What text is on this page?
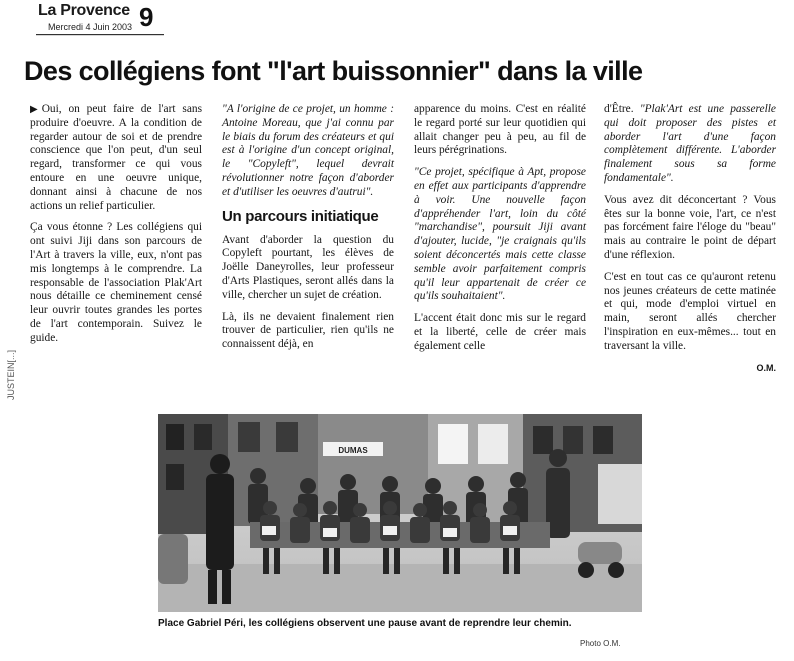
La Provence
Mercredi 4 Juin 2003 9
Des collégiens font "l'art buissonnier" dans la ville
JUSTEIN[...]

▶ Oui, on peut faire de l'art sans produire d'oeuvre. A la condition de regarder autour de soi et de prendre conscience que l'on peut, d'un seul regard, transformer ce qui vous entoure en une oeuvre unique, donnant ainsi à chacune de nos actions un relief particulier.

Ça vous étonne ? Les collégiens qui ont suivi Jiji dans son parcours de l'Art à travers la ville, eux, n'ont pas mis longtemps à le comprendre. La responsable de l'association Plak'Art nous détaille ce cheminement censé leur ouvrir toutes grandes les portes de l'art contemporain. Suivez le guide.

"A l'origine de ce projet, un homme : Antoine Moreau, que j'ai connu par le biais du forum des créateurs et qui est à l'origine d'un concept original, le "Copyleft", lequel devrait révolutionner notre façon d'aborder et d'utiliser les oeuvres d'autrui".

Un parcours initiatique

Avant d'aborder la question du Copyleft pourtant, les élèves de Joëlle Daneyrolles, leur professeur d'Arts Plastiques, seront allés dans la ville, chercher un sujet de création.

Là, ils ne devaient finalement rien trouver de particulier, rien qu'ils ne connaissent déjà, en

apparence du moins. C'est en réalité le regard porté sur leur quotidien qui allait changer peu à peu, au fil de leurs pérégrinations.

"Ce projet, spécifique à Apt, propose en effet aux participants d'apprendre à voir. Une nouvelle façon d'appréhender l'art, loin du côté "marchandise", poursuit Jiji avant d'ajouter, lucide, "je craignais qu'ils soient déconcertés mais cette classe semble avoir parfaitement compris qu'il leur appartenait de créer ce qu'ils souhaitaient".

L'accent était donc mis sur le regard et la liberté, celle de créer mais également celle

d'Être. "Plak'Art est une passerelle qui doit proposer des pistes et aborder l'art d'une façon complètement différente. L'aborder finalement sous sa forme fondamentale".

Vous avez dit déconcertant ? Vous êtes sur la bonne voie, l'art, ce n'est pas forcément faire l'éloge du "beau" mais au contraire le point de départ d'une réflexion.

C'est en tout cas ce qu'auront retenu nos jeunes créateurs de cette matinée et qui, mode d'emploi virtuel en main, seront allés chercher l'inspiration en eux-mêmes... tout en traversant la ville.

O.M.
DUMAS
Place Gabriel Péri, les collégiens observent une pause avant de reprendre leur chemin.
Photo O.M.
